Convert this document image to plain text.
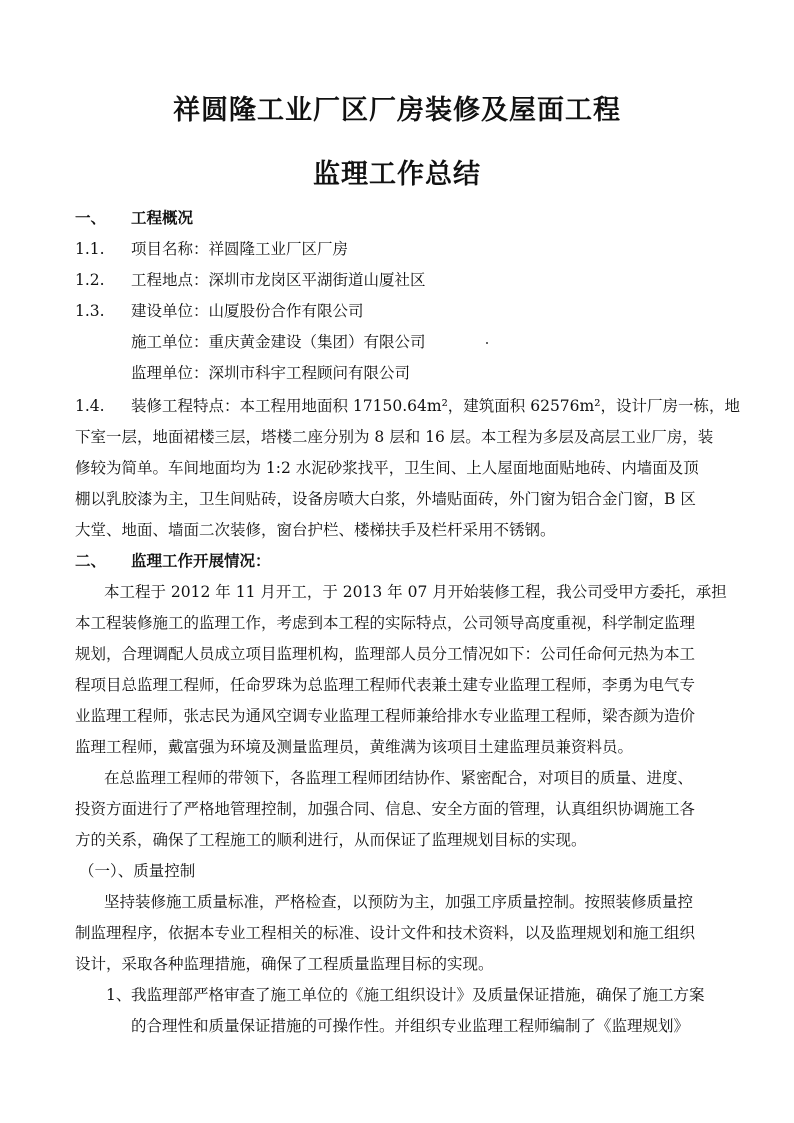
祥圆隆工业厂区厂房装修及屋面工程
监理工作总结
一、 工程概况
1.1. 项目名称：祥圆隆工业厂区厂房
1.2. 工程地点：深圳市龙岗区平湖街道山厦社区
1.3. 建设单位：山厦股份合作有限公司
施工单位：重庆黄金建设（集团）有限公司
监理单位：深圳市科宇工程顾问有限公司
1.4. 装修工程特点：本工程用地面积 17150.64m²，建筑面积 62576m²，设计厂房一栋，地
下室一层，地面裙楼三层，塔楼二座分别为 8 层和 16 层。本工程为多层及高层工业厂房，装
修较为简单。车间地面均为 1:2 水泥砂浆找平，卫生间、上人屋面地面贴地砖、内墙面及顶
棚以乳胶漆为主，卫生间贴砖，设备房喷大白浆，外墙贴面砖，外门窗为铝合金门窗，B 区
大堂、地面、墙面二次装修，窗台护栏、楼梯扶手及栏杆采用不锈钢。
二、 监理工作开展情况：
本工程于 2012 年 11 月开工，于 2013 年 07 月开始装修工程，我公司受甲方委托，承担
本工程装修施工的监理工作，考虑到本工程的实际特点，公司领导高度重视，科学制定监理
规划，合理调配人员成立项目监理机构，监理部人员分工情况如下：公司任命何元热为本工
程项目总监理工程师，任命罗珠为总监理工程师代表兼土建专业监理工程师，李勇为电气专
业监理工程师，张志民为通风空调专业监理工程师兼给排水专业监理工程师，梁杏颜为造价
监理工程师，戴富强为环境及测量监理员，黄维满为该项目土建监理员兼资料员。
在总监理工程师的带领下，各监理工程师团结协作、紧密配合，对项目的质量、进度、
投资方面进行了严格地管理控制，加强合同、信息、安全方面的管理，认真组织协调施工各
方的关系，确保了工程施工的顺利进行，从而保证了监理规划目标的实现。
（一）、质量控制
坚持装修施工质量标准，严格检查，以预防为主，加强工序质量控制。按照装修质量控
制监理程序，依据本专业工程相关的标准、设计文件和技术资料，以及监理规划和施工组织
设计，采取各种监理措施，确保了工程质量监理目标的实现。
1、 我监理部严格审查了施工单位的《施工组织设计》及质量保证措施，确保了施工方案
的合理性和质量保证措施的可操作性。并组织专业监理工程师编制了《监理规划》
